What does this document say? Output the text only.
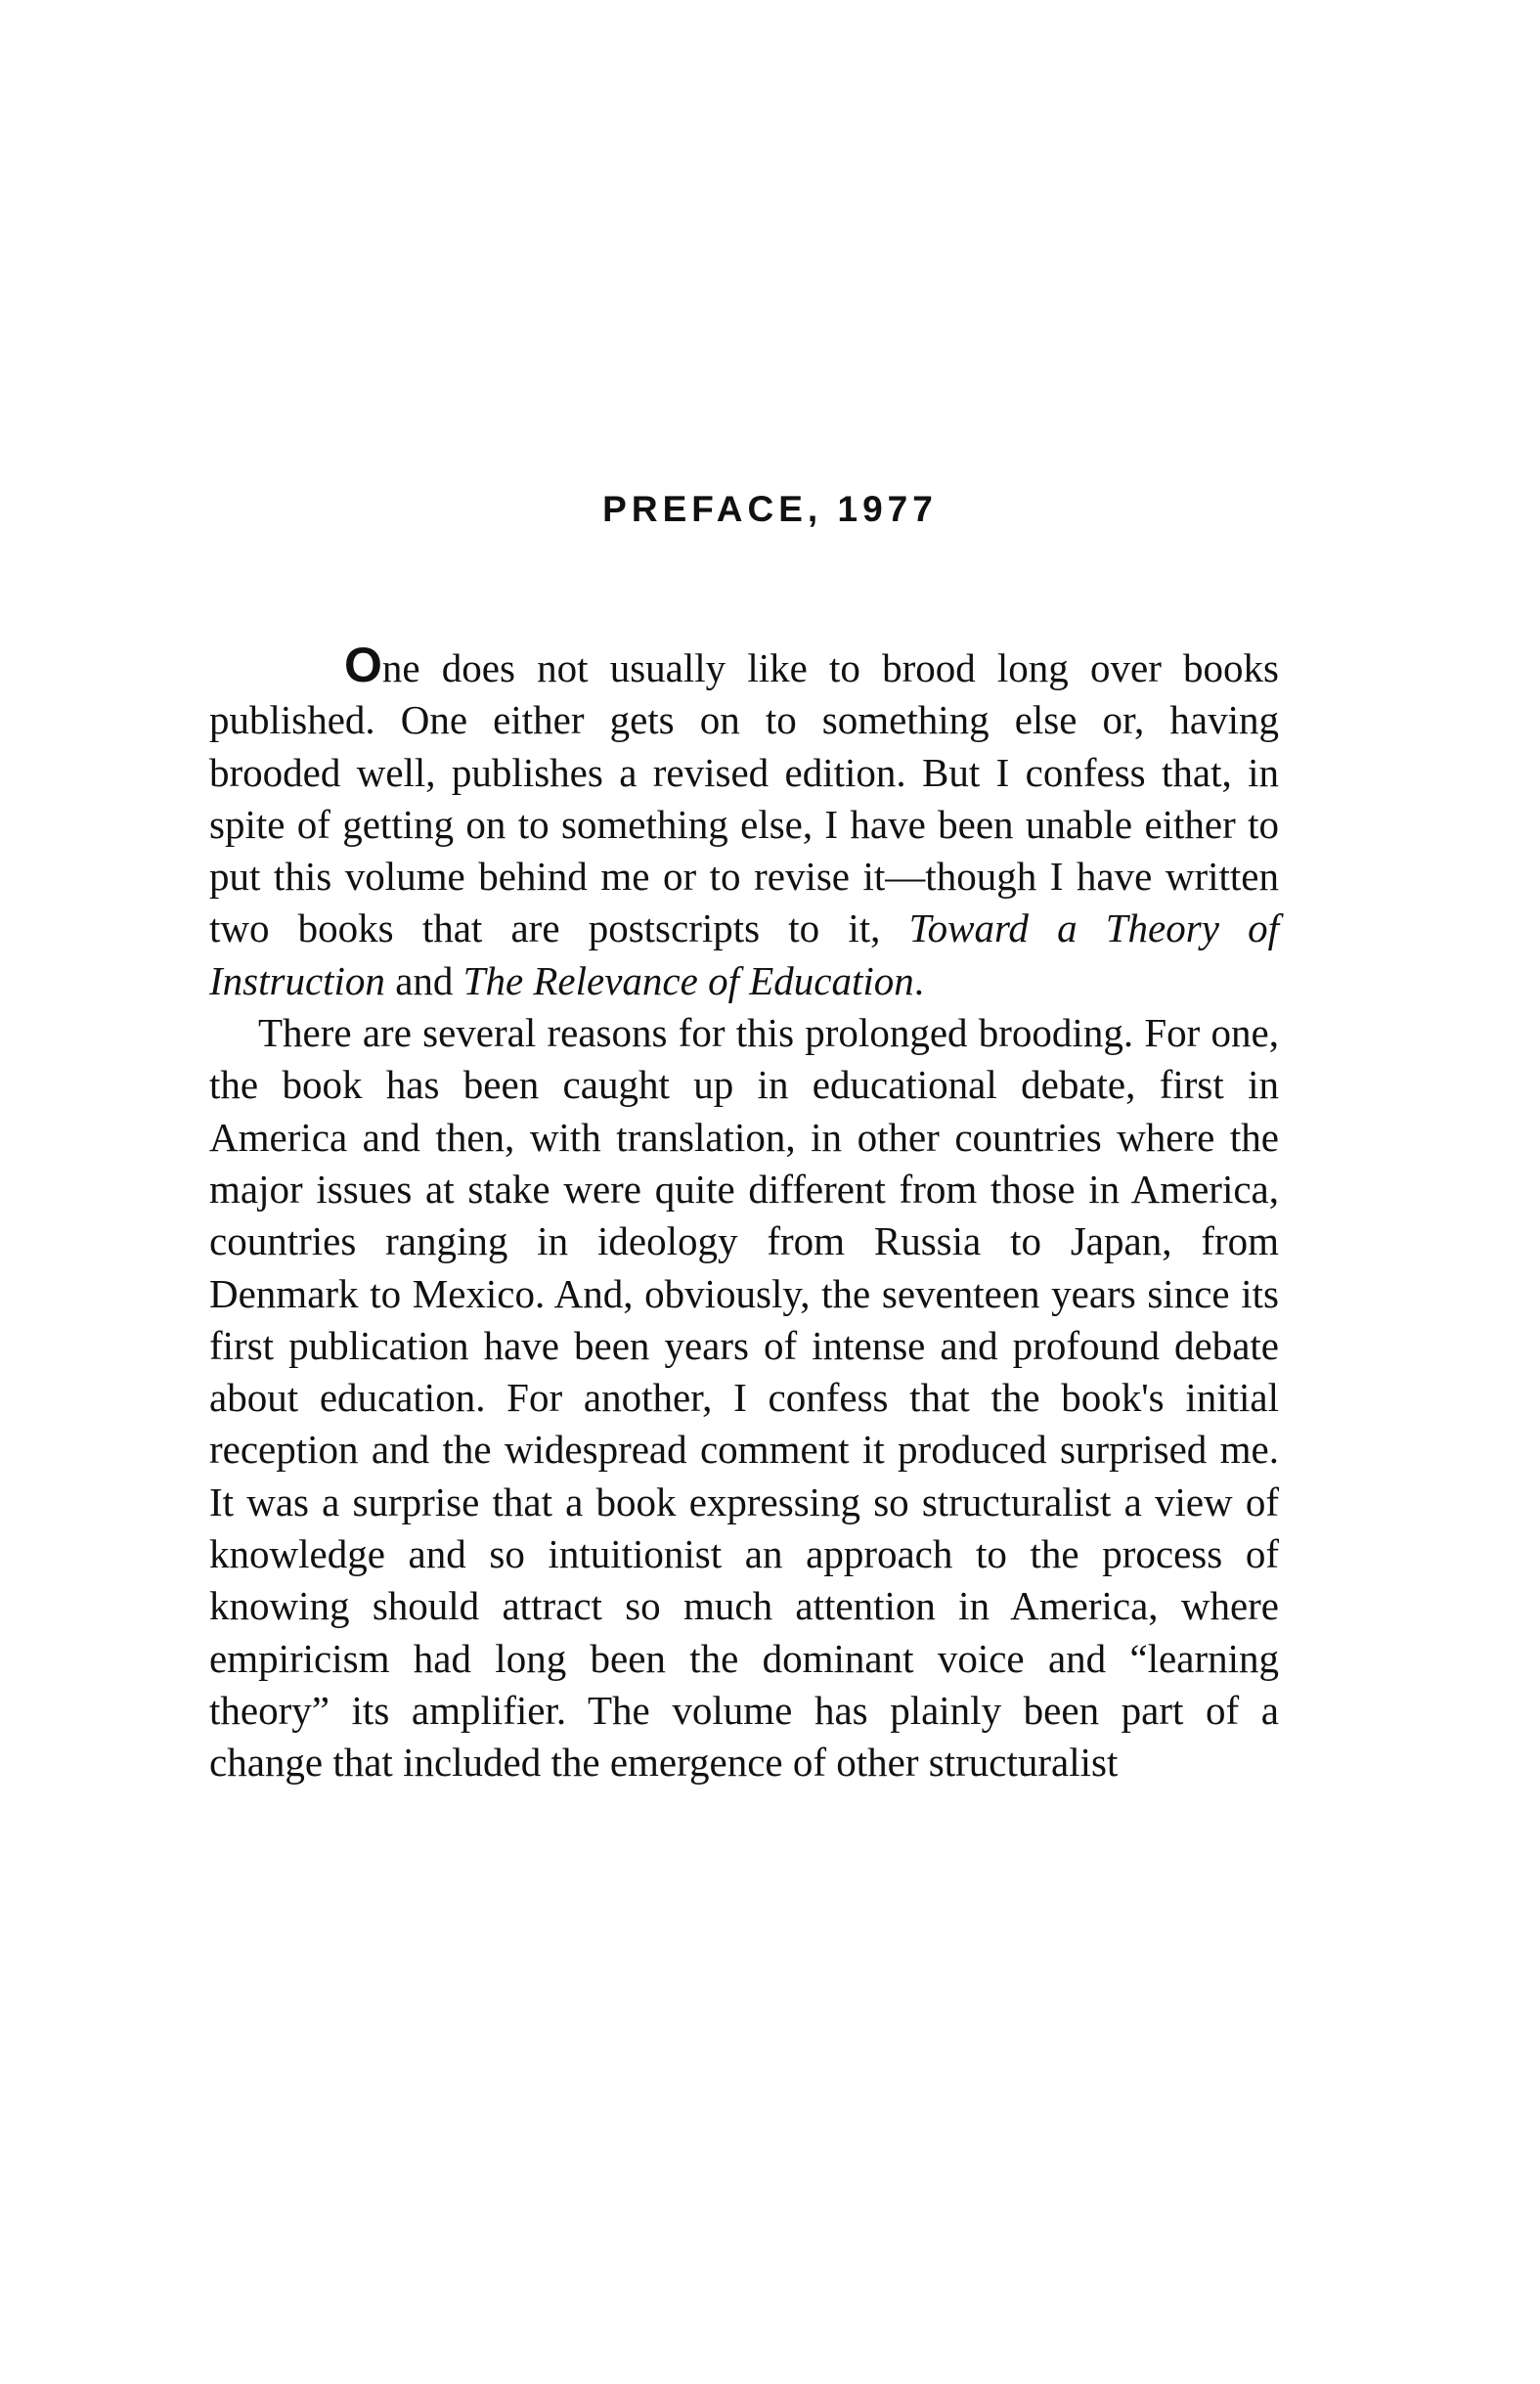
PREFACE, 1977

One does not usually like to brood long over books published. One either gets on to something else or, having brooded well, publishes a revised edition. But I confess that, in spite of getting on to something else, I have been unable either to put this volume behind me or to revise it—though I have written two books that are postscripts to it, Toward a Theory of Instruction and The Relevance of Education.

There are several reasons for this prolonged brooding. For one, the book has been caught up in educational debate, first in America and then, with translation, in other countries where the major issues at stake were quite different from those in America, countries ranging in ideology from Russia to Japan, from Denmark to Mexico. And, obviously, the seventeen years since its first publication have been years of intense and profound debate about education. For another, I confess that the book's initial reception and the widespread comment it produced surprised me. It was a surprise that a book expressing so structuralist a view of knowledge and so intuitionist an approach to the process of knowing should attract so much attention in America, where empiricism had long been the dominant voice and “learning theory” its amplifier. The volume has plainly been part of a change that included the emergence of other structuralist
